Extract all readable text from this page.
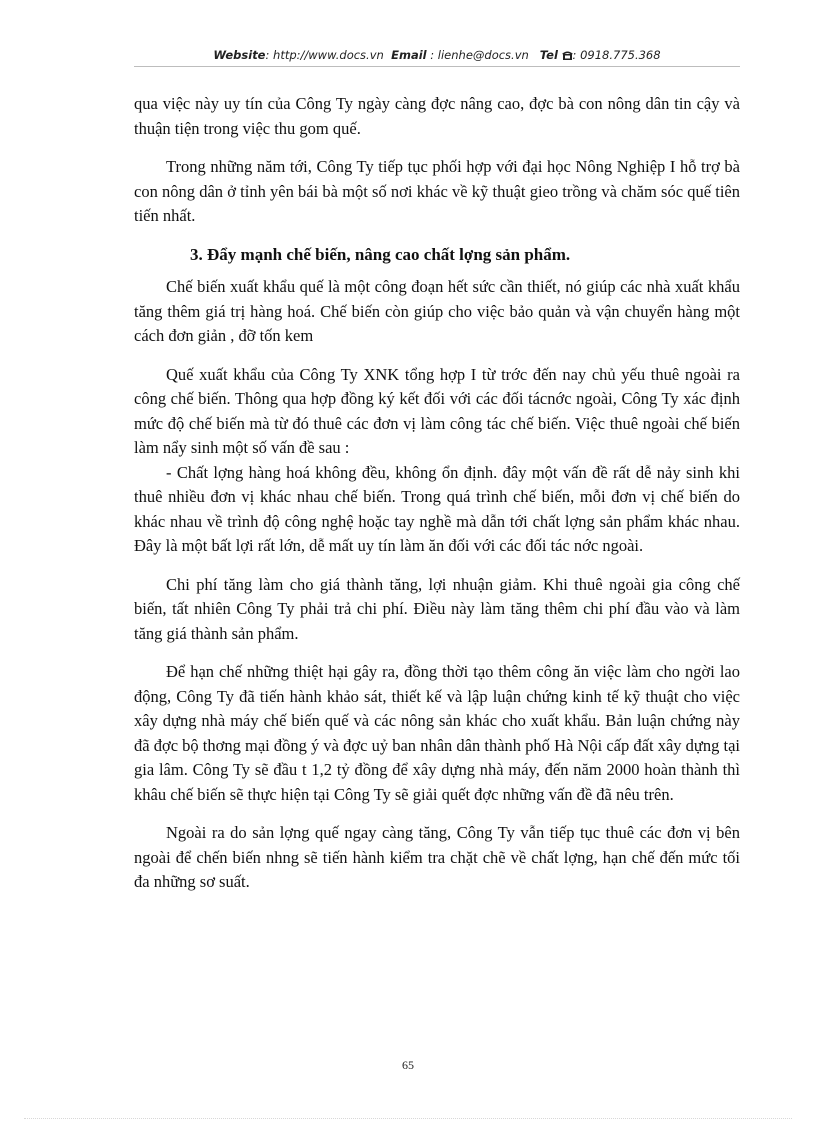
Website: http://www.docs.vn Email : lienhe@docs.vn Tel : 0918.775.368

qua việc này uy tín của Công Ty ngày càng đợc nâng cao, đợc bà con nông dân tin cậy và thuận tiện trong việc thu gom quế.

Trong những năm tới, Công Ty tiếp tục phối hợp với đại học Nông Nghiệp I hỗ trợ bà con nông dân ở tỉnh yên bái bà một số nơi khác về kỹ thuật gieo trồng và chăm sóc quế tiên tiến nhất.

3. Đẩy mạnh chế biến, nâng cao chất lợng sản phẩm.

Chế biến xuất khẩu quế là một công đoạn hết sức cần thiết, nó giúp các nhà xuất khẩu tăng thêm giá trị hàng hoá. Chế biến còn giúp cho việc bảo quản và vận chuyển hàng một cách đơn giản , đỡ tốn kem

Quế xuất khẩu của Công Ty XNK tổng hợp I từ trớc đến nay chủ yếu thuê ngoài ra công chế biến. Thông qua hợp đồng ký kết đối với các đối tácnớc ngoài, Công Ty xác định mức độ chế biến mà từ đó thuê các đơn vị làm công tác chế biến. Việc thuê ngoài chế biến làm nẩy sinh một số vấn đề sau :

- Chất lợng hàng hoá không đều, không ổn định. đây một vấn đề rất dễ nảy sinh khi thuê nhiều đơn vị khác nhau chế biến. Trong quá trình chế biến, mỗi đơn vị chế biến do khác nhau về trình độ công nghệ hoặc tay nghề mà dẫn tới chất lợng sản phẩm khác nhau. Đây là một bất lợi rất lớn, dễ mất uy tín làm ăn đối với các đối tác nớc ngoài.

Chi phí tăng làm cho giá thành tăng, lợi nhuận giảm. Khi thuê ngoài gia công chế biến, tất nhiên Công Ty phải trả chi phí. Điều này làm tăng thêm chi phí đầu vào và làm tăng giá thành sản phẩm.

Để hạn chế những thiệt hại gây ra, đồng thời tạo thêm công ăn việc làm cho ngời lao động, Công Ty đã tiến hành khảo sát, thiết kế và lập luận chứng kinh tế kỹ thuật cho việc xây dựng nhà máy chế biến quế và các nông sản khác cho xuất khẩu. Bản luận chứng này đã đợc bộ thơng mại đồng ý và đợc uỷ ban nhân dân thành phố Hà Nội cấp đất xây dựng tại gia lâm. Công Ty sẽ đầu t 1,2 tỷ đồng để xây dựng nhà máy, đến năm 2000 hoàn thành thì khâu chế biến sẽ thực hiện tại Công Ty sẽ giải quết đợc những vấn đề đã nêu trên.

Ngoài ra do sản lợng quế ngay càng tăng, Công Ty vẫn tiếp tục thuê các đơn vị bên ngoài để chến biến nhng sẽ tiến hành kiểm tra chặt chẽ về chất lợng, hạn chế đến mức tối đa những sơ suất.

65
